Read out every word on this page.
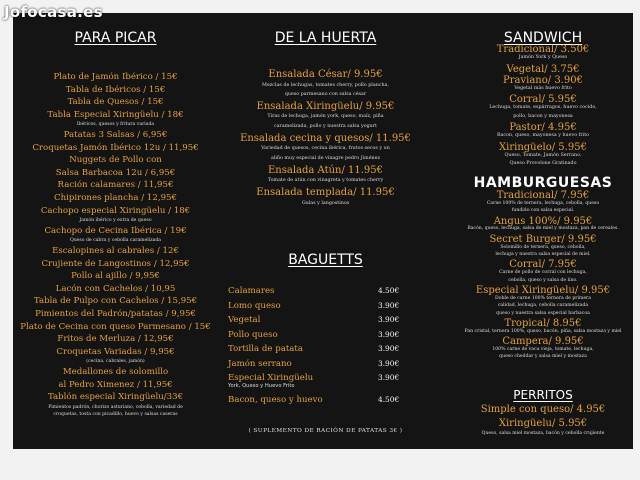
Jofocasa.es
PARA PICAR
Plato de Jamón Ibérico / 15€
Tabla de Ibéricos / 15€
Tabla de Quesos / 15€
Tabla Especial Xiringüelu / 18€
Ibéricos, quesos y fritura variada
Patatas 3 Salsas / 6,95€
Croquetas Jamón Ibérico 12u / 11,95€
Nuggets de Pollo con
Salsa Barbacoa 12u / 6,95€
Ración calamares / 11,95€
Chipirones plancha / 12,95€
Cachopo especial Xiringüelu / 18€
Jamón ibérico y extra de queso
Cachopo de Cecina Ibérica / 19€
Queso de cabra y cebolla caramelizada
Escalopines al cabrales / 12€
Crujiente de Langostinos / 12,95€
Pollo al ajillo / 9,95€
Lacón con Cachelos / 10,95
Tabla de Pulpo con Cachelos / 15,95€
Pimientos del Padrón/patatas / 9,95€
Plato de Cecina con queso Parmesano / 15€
Fritos de Merluza / 12,95€
Croquetas Variadas / 9,95€
(cecina, cabrales, jamón)
Medallones de solomillo
al Pedro Ximenez / 11,95€
Tablón especial Xiringüelu/33€
Pimientos padrón, chorizo asturiano, cebolla, variedad de
croquetas, tosta con picadillo, huevo y salsas caseras
DE LA HUERTA
Ensalada César/ 9.95€
Mezclas de lechugas, tomates cherry, pollo plancha,
queso parmesano con salsa césar
Ensalada Xiringüelu/ 9.95€
Tiras de lechuga, jamón york, queso, maíz, piña
caramelizada, pollo y nuestra salsa yogurt
Ensalada cecina y quesos/ 11.95€
Variedad de quesos, cecina ibérica, frutos secos y un
aliño muy especial de vinagre pedro Jiménez
Ensalada Atún/ 11.95€
Tomate de atún con vinagreta y tomates cherry
Ensalada templada/ 11.95€
Gulas y langostinos
BAGUETTS
Calamares	4.50€
Lomo queso	3.90€
Vegetal	3.90€
Pollo queso	3.90€
Tortilla de patata	3.90€
Jamón serrano	3.90€
Especial Xiringüelu	3.90€
York, Queso y Huevo Frito
Bacon, queso y huevo	4.50€
( SUPLEMENTO DE RACIÓN DE PATATAS 3€ )
SANDWICH
Tradicional/ 3.50€
Jamón York y Queso
Vegetal/ 3.75€
Praviano/ 3.90€
Vegetal más huevo frito
Corral/ 5.95€
Lechuga, tomate, espárragos, huevo cocido,
pollo, bacon y mayonesa
Pastor/ 4.95€
Bacon, queso, mayonesa y huevo frito
Xiringüelo/ 5.95€
Queso, Tomate, Jamón Serrano,
Queso Provolone Gratinado
HAMBURGUESAS
Tradicional/ 7.95€
Carne 100% de ternera, lechuga, cebolla, queso
fundido con salsa especial.
Angus 100%/ 9.95€
Bacón, queso, lechuga, salsa de miel y mostaza, pan de cereales.
Secret Burger/ 9.95€
Solomillo de ternera, queso, cebolla,
lechuga y nuestra salsa especial de miel.
Corral/ 7.95€
Carne de pollo de corral con lechuga,
cebolla, queso y salsa de lino.
Especial Xiringüelu/ 9.95€
Doble de carne 100% ternera de primera
calidad, lechuga, cebolla caramelizada
queso y nuestra salsa especial barbacoa
Tropical/ 8.95€
Pan cristal, ternera 100%, queso, bacón, piña, salsa mostaza y miel
Campera/ 9.95€
100% carne de vaca vieja, tomate, lechuga,
queso cheddar y salsa miel y mostaza
PERRITOS
Simple con queso/ 4.95€
Xiringüelu/ 5.95€
Queso, salsa miel mostaza, bacón y cebolla crujiente
